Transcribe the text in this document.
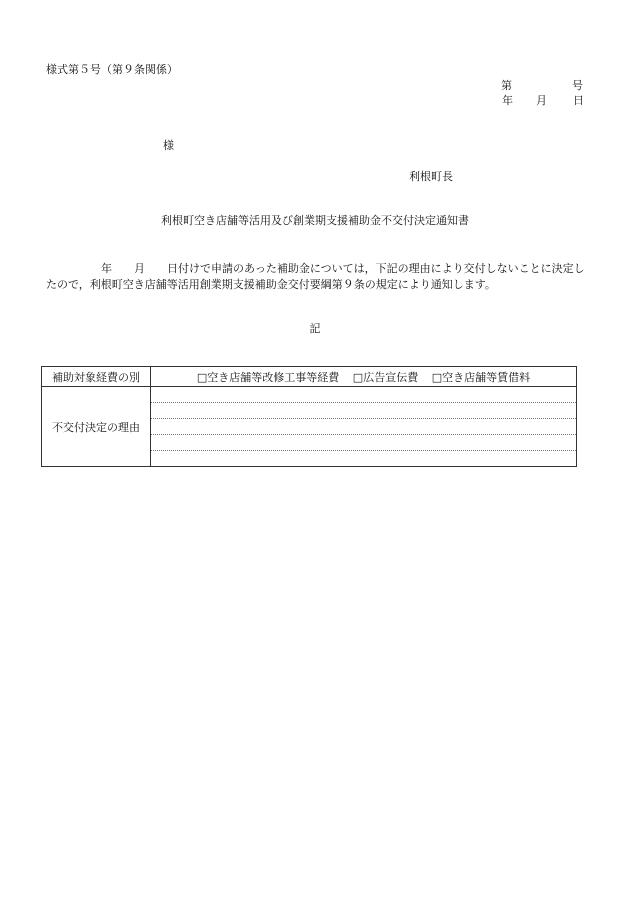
様式第５号（第９条関係）
第	号
年	月	日
様
利根町長
利根町空き店舗等活用及び創業期支援補助金不交付決定通知書
　　　　　年　　月　　日付けで申請のあった補助金については，下記の理由により交付しないことに決定したので，利根町空き店舗等活用創業期支援補助金交付要綱第９条の規定により通知します。
記
補助対象経費の別	□空き店舗等改修工事等経費 □広告宣伝費 □空き店舗等賃借料
不交付決定の理由	
